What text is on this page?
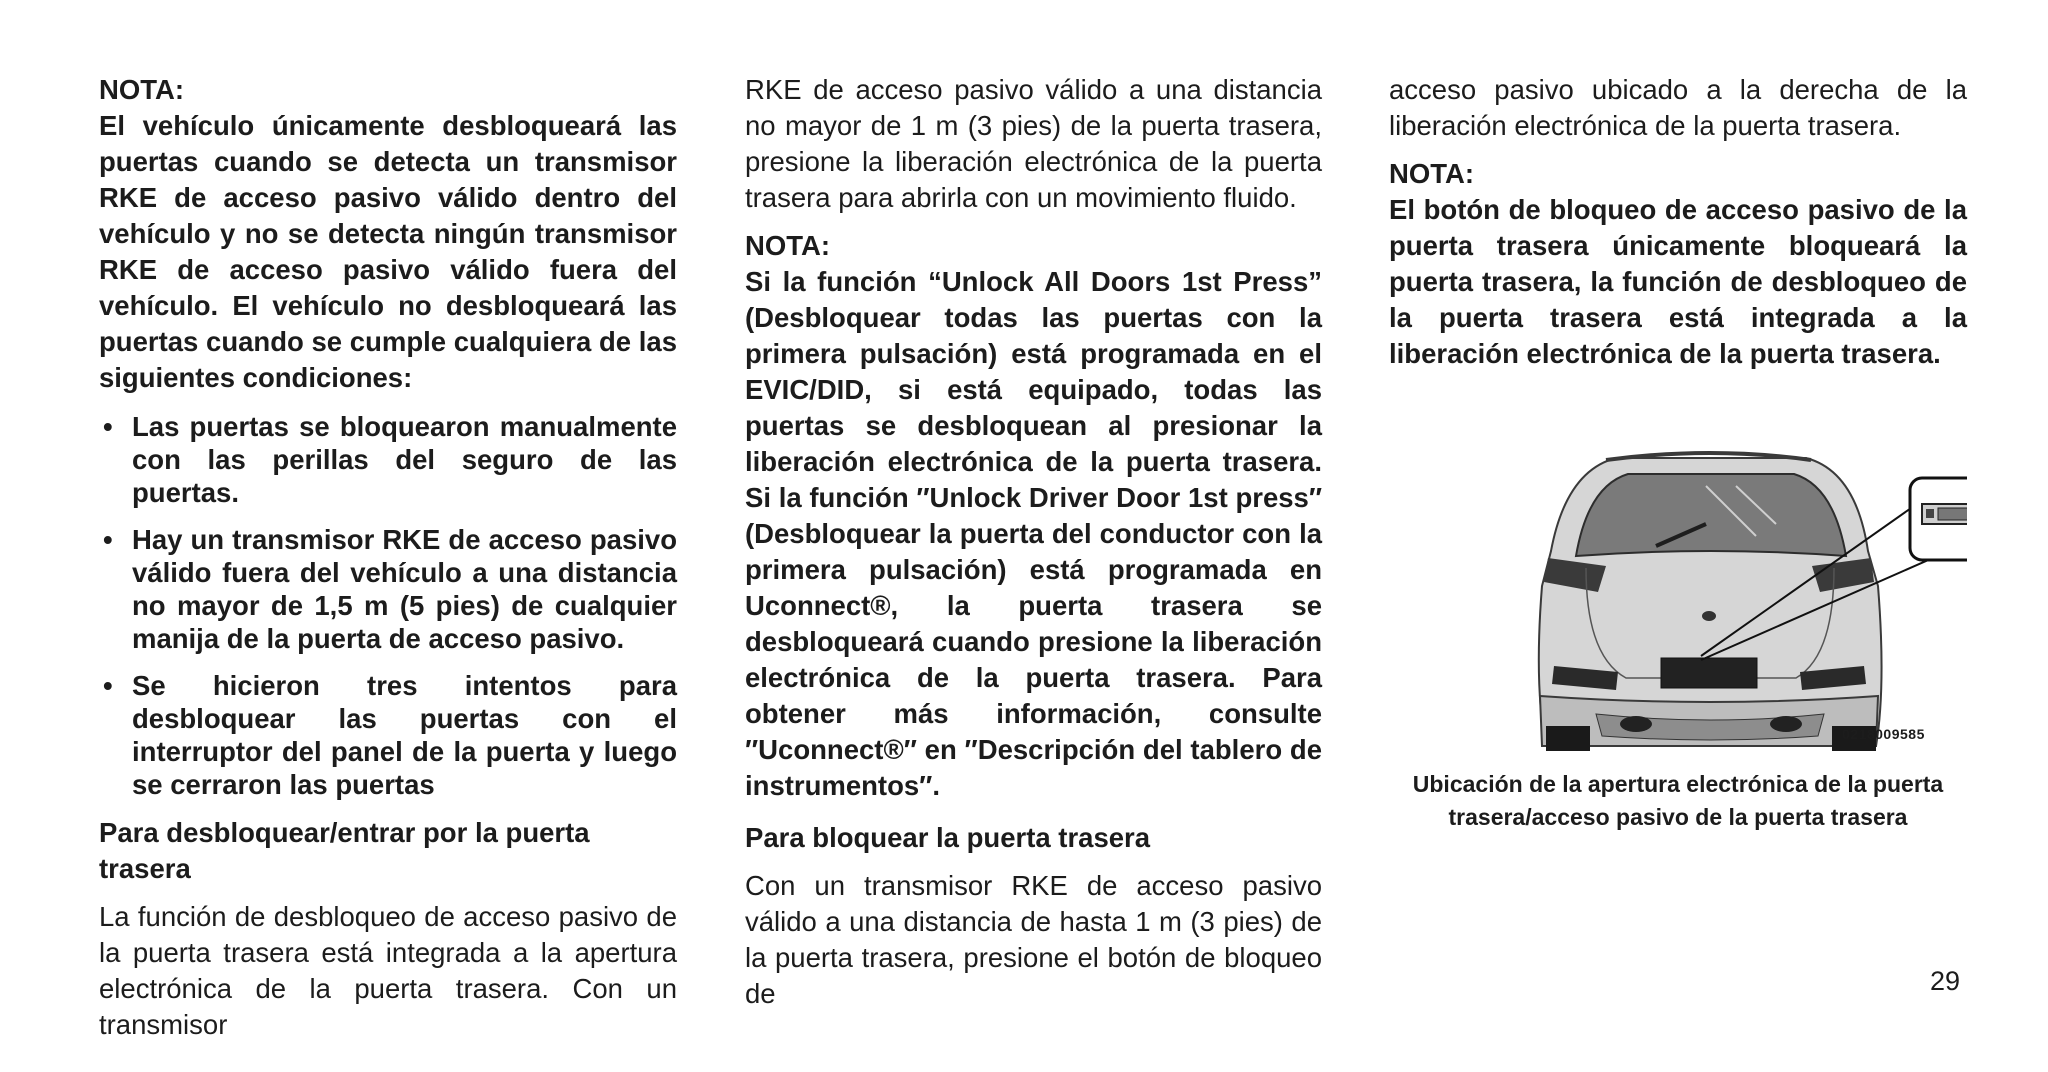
NOTA:

El vehículo únicamente desbloqueará las puertas cuando se detecta un transmisor RKE de acceso pasivo válido dentro del vehículo y no se detecta ningún transmisor RKE de acceso pasivo válido fuera del vehículo. El vehículo no desbloqueará las puertas cuando se cumple cualquiera de las siguientes condiciones:

• Las puertas se bloquearon manualmente con las perillas del seguro de las puertas.
• Hay un transmisor RKE de acceso pasivo válido fuera del vehículo a una distancia no mayor de 1,5 m (5 pies) de cualquier manija de la puerta de acceso pasivo.
• Se hicieron tres intentos para desbloquear las puertas con el interruptor del panel de la puerta y luego se cerraron las puertas

Para desbloquear/entrar por la puerta trasera

La función de desbloqueo de acceso pasivo de la puerta trasera está integrada a la apertura electrónica de la puerta trasera. Con un transmisor

RKE de acceso pasivo válido a una distancia no mayor de 1 m (3 pies) de la puerta trasera, presione la liberación electrónica de la puerta trasera para abrirla con un movimiento fluido.

NOTA:

Si la función “Unlock All Doors 1st Press” (Desbloquear todas las puertas con la primera pulsación) está programada en el EVIC/DID, si está equipado, todas las puertas se desbloquean al presionar la liberación electrónica de la puerta trasera. Si la función ″Unlock Driver Door 1st press″ (Desbloquear la puerta del conductor con la primera pulsación) está programada en Uconnect®, la puerta trasera se desbloqueará cuando presione la liberación electrónica de la puerta trasera. Para obtener más información, consulte ″Uconnect®″ en ″Descripción del tablero de instrumentos″.

Para bloquear la puerta trasera

Con un transmisor RKE de acceso pasivo válido a una distancia de hasta 1 m (3 pies) de la puerta trasera, presione el botón de bloqueo de

acceso pasivo ubicado a la derecha de la liberación electrónica de la puerta trasera.

NOTA:

El botón de bloqueo de acceso pasivo de la puerta trasera únicamente bloqueará la puerta trasera, la función de desbloqueo de la puerta trasera está integrada a la liberación electrónica de la puerta trasera.

0218009585
Ubicación de la apertura electrónica de la puerta
trasera/acceso pasivo de la puerta trasera
29
